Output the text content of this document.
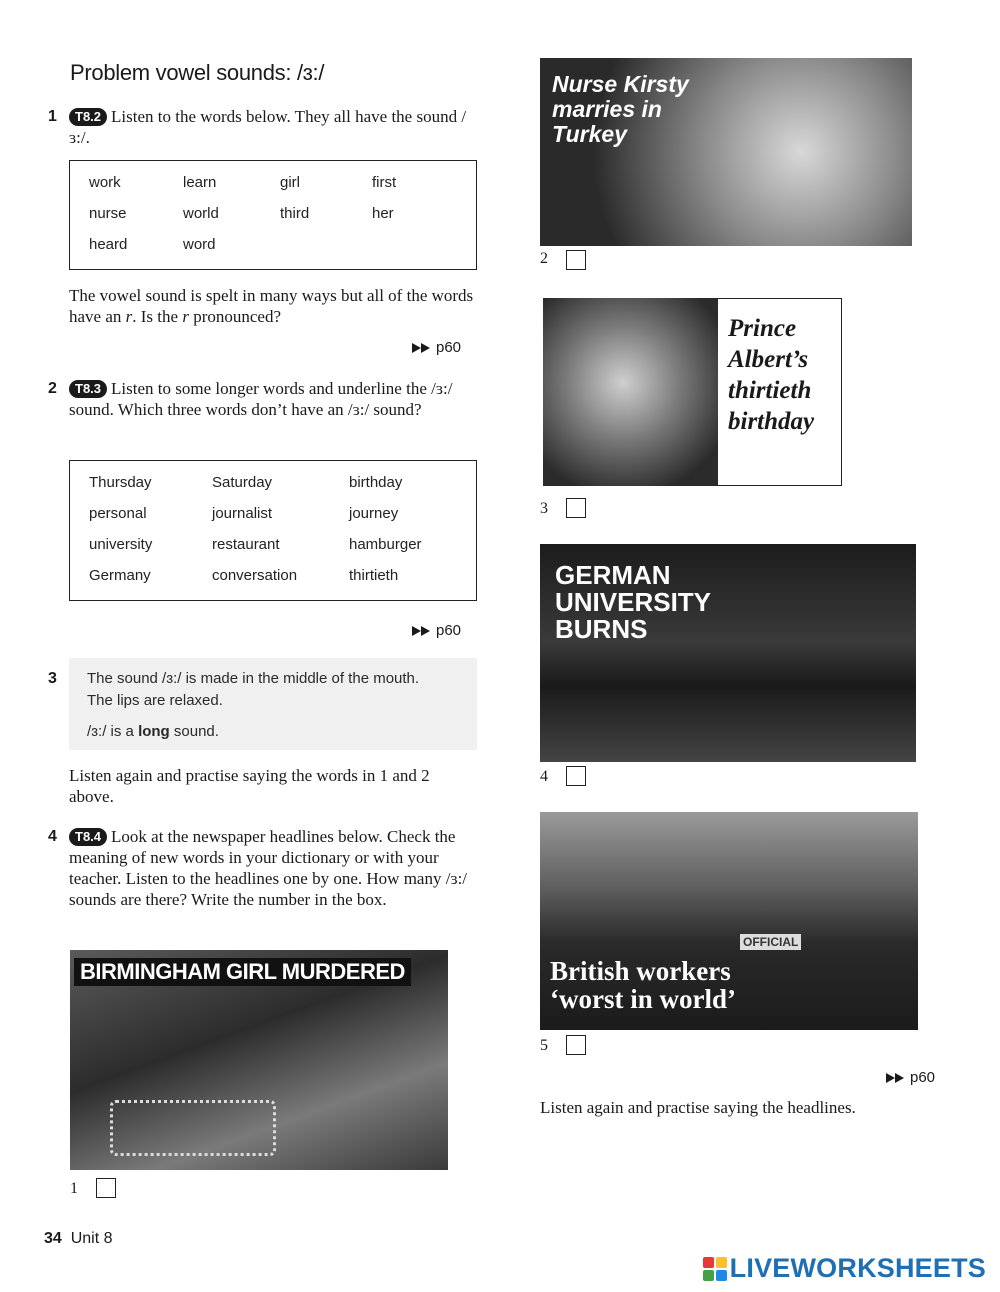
Problem vowel sounds: /ɜ:/
1	T8.2 Listen to the words below. They all have the sound /ɜ:/.
work	learn	girl	first
nurse	world	third	her
heard	word		
The vowel sound is spelt in many ways but all of the words have an r. Is the r pronounced?
p60
2	T8.3 Listen to some longer words and underline the /ɜ:/ sound. Which three words don’t have an /ɜ:/ sound?
Thursday	Saturday	birthday
personal	journalist	journey
university	restaurant	hamburger
Germany	conversation	thirtieth
p60
3 The sound /ɜ:/ is made in the middle of the mouth.
The lips are relaxed.
/ɜ:/ is a long sound.
Listen again and practise saying the words in 1 and 2 above.
4	T8.4 Look at the newspaper headlines below. Check the meaning of new words in your dictionary or with your teacher. Listen to the headlines one by one. How many /ɜ:/ sounds are there? Write the number in the box.
BIRMINGHAM GIRL MURDERED
1
Nurse Kirsty marries in Turkey
2
Prince Albert’s thirtieth birthday
3
GERMAN UNIVERSITY BURNS
4
OFFICIAL
British workers
‘worst in world’
5
p60
Listen again and practise saying the headlines.
34 Unit 8
LIVEWORKSHEETS
